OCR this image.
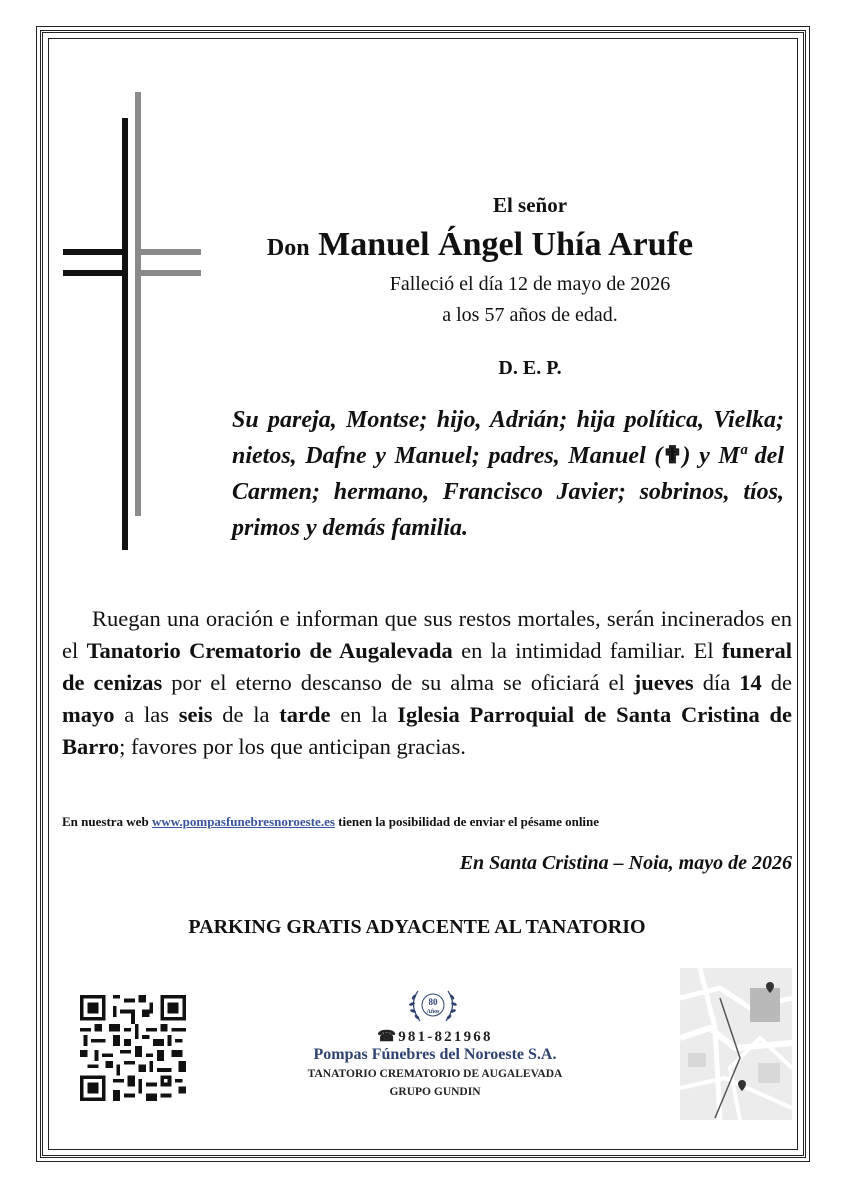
El señor
Don Manuel Ángel Uhía Arufe
Falleció el día 12 de mayo de 2026
a los 57 años de edad.
D. E. P.
Su pareja, Montse; hijo, Adrián; hija política, Vielka; nietos, Dafne y Manuel; padres, Manuel (✟) y Mª del Carmen; hermano, Francisco Javier; sobrinos, tíos, primos y demás familia.
Ruegan una oración e informan que sus restos mortales, serán incinerados en el Tanatorio Crematorio de Augalevada en la intimidad familiar. El funeral de cenizas por el eterno descanso de su alma se oficiará el jueves día 14 de mayo a las seis de la tarde en la Iglesia Parroquial de Santa Cristina de Barro; favores por los que anticipan gracias.
En nuestra web www.pompasfunebresnoroeste.es tienen la posibilidad de enviar el pésame online
En Santa Cristina – Noia, mayo de 2026
PARKING GRATIS ADYACENTE AL TANATORIO
80
Años
☎981-821968
Pompas Fúnebres del Noroeste S.A.
TANATORIO CREMATORIO DE AUGALEVADA
GRUPO GUNDIN
